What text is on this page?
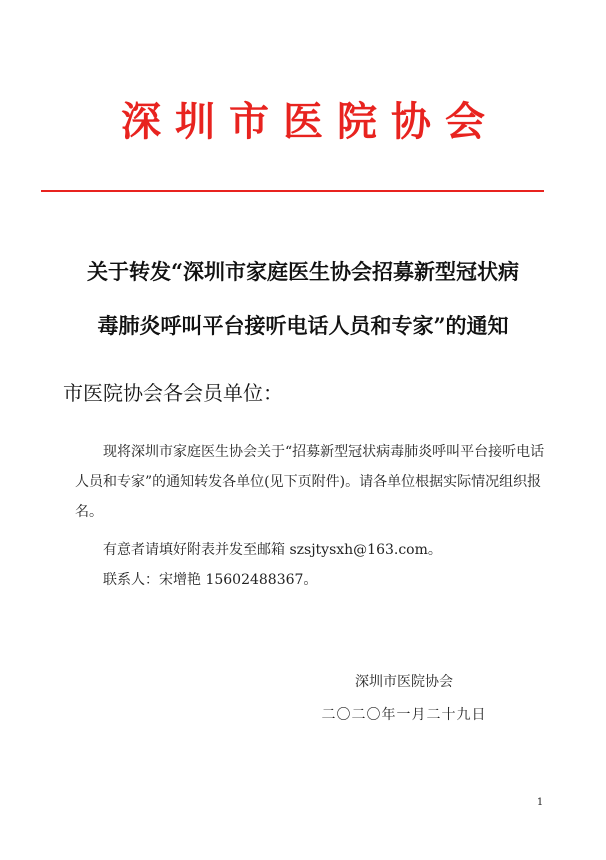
深圳市医院协会
关于转发“深圳市家庭医生协会招募新型冠状病
毒肺炎呼叫平台接听电话人员和专家”的通知
市医院协会各会员单位：
现将深圳市家庭医生协会关于“招募新型冠状病毒肺炎呼叫平台接听电话人员和专家”的通知转发各单位(见下页附件)。请各单位根据实际情况组织报名。
有意者请填好附表并发至邮箱 szsjtysxh@163.com。
联系人：宋增艳 15602488367。
深圳市医院协会
二〇二〇年一月二十九日
1
